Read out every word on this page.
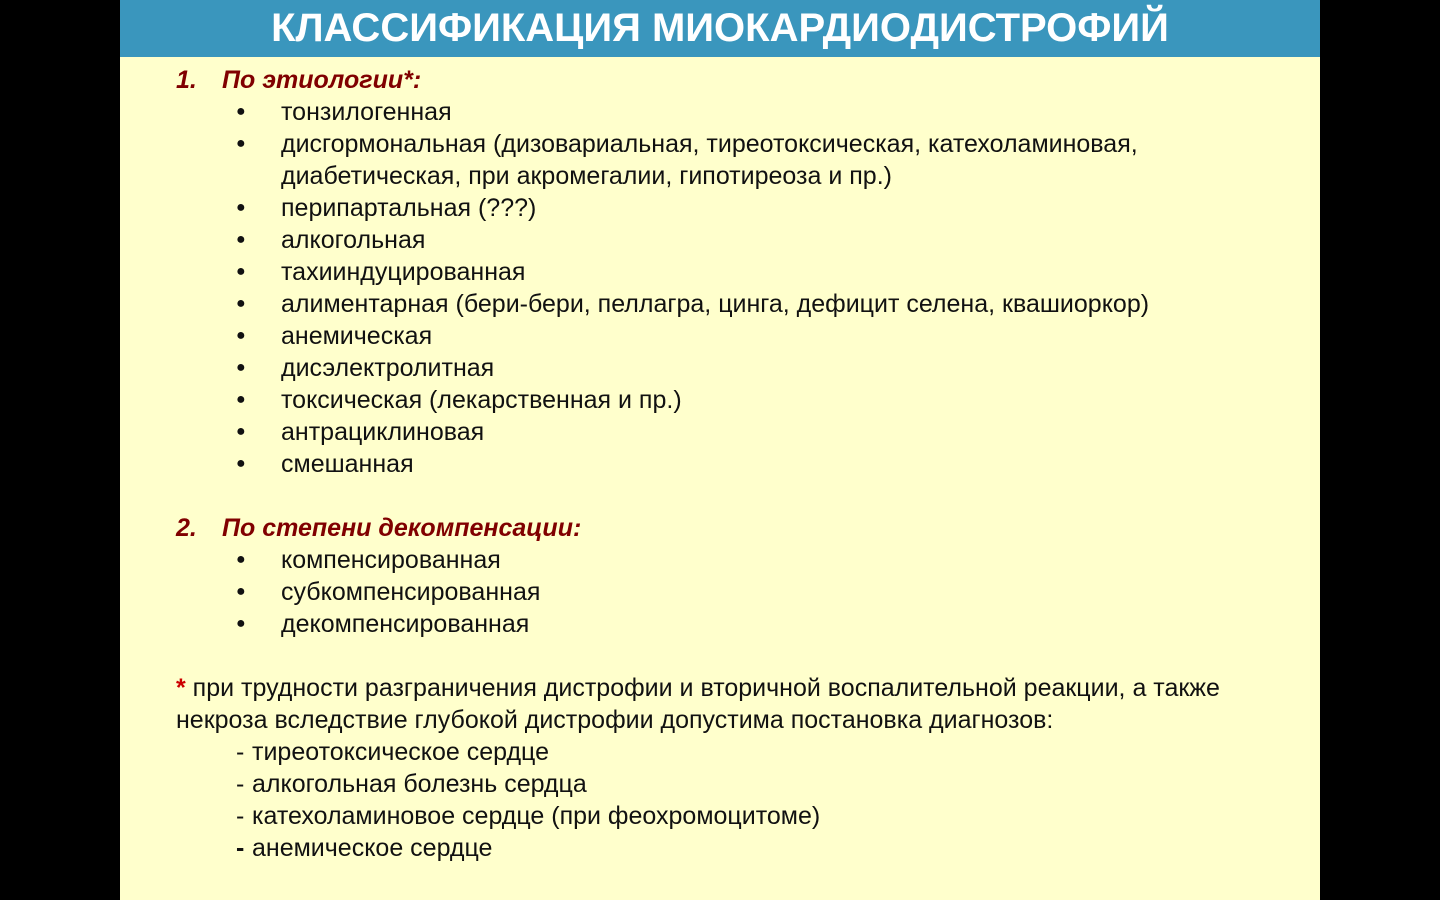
КЛАССИФИКАЦИЯ МИОКАРДИОДИСТРОФИЙ
1.	По этиологии*:
●	тонзилогенная
●	дисгормональная (дизовариальная, тиреотоксическая, катехоламиновая, диабетическая, при акромегалии, гипотиреоза и пр.)
●	перипартальная (???)
●	алкогольная
●	тахииндуцированная
●	алиментарная (бери-бери, пеллагра, цинга, дефицит селена, квашиоркор)
●	анемическая
●	дисэлектролитная
●	токсическая (лекарственная и пр.)
●	антрациклиновая
●	смешанная
2.	По степени декомпенсации:
●	компенсированная
●	субкомпенсированная
●	декомпенсированная
* при трудности разграничения дистрофии и вторичной воспалительной реакции, а также некроза вследствие глубокой дистрофии допустима постановка диагнозов:
- тиреотоксическое сердце
- алкогольная болезнь сердца
- катехоламиновое сердце (при феохромоцитоме)
- анемическое сердце
